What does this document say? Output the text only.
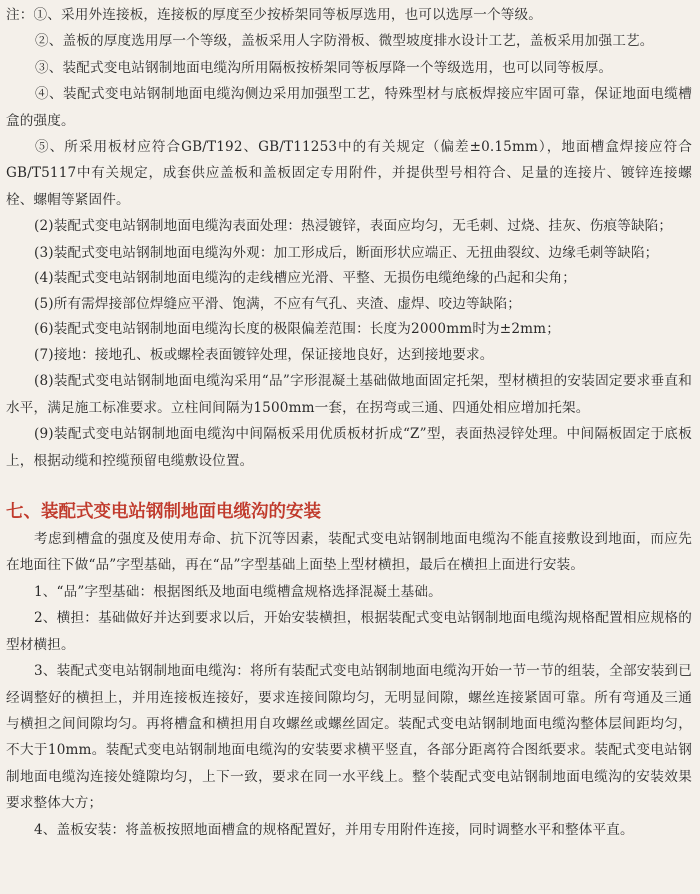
注：①、采用外连接板，连接板的厚度至少按桥架同等板厚选用，也可以选厚一个等级。

②、盖板的厚度选用厚一个等级，盖板采用人字防滑板、微型坡度排水设计工艺，盖板采用加强工艺。

③、装配式变电站钢制地面电缆沟所用隔板按桥架同等板厚降一个等级选用，也可以同等板厚。

④、装配式变电站钢制地面电缆沟侧边采用加强型工艺，特殊型材与底板焊接应牢固可靠，保证地面电缆槽盒的强度。

⑤、所采用板材应符合GB/T192、GB/T11253中的有关规定（偏差±0.15mm），地面槽盒焊接应符合GB/T5117中有关规定，成套供应盖板和盖板固定专用附件，并提供型号相符合、足量的连接片、镀锌连接螺栓、螺帽等紧固件。

(2)装配式变电站钢制地面电缆沟表面处理：热浸镀锌，表面应均匀，无毛刺、过烧、挂灰、伤痕等缺陷；

(3)装配式变电站钢制地面电缆沟外观：加工形成后，断面形状应端正、无扭曲裂纹、边缘毛刺等缺陷；

(4)装配式变电站钢制地面电缆沟的走线槽应光滑、平整、无损伤电缆绝缘的凸起和尖角；

(5)所有需焊接部位焊缝应平滑、饱满，不应有气孔、夹渣、虚焊、咬边等缺陷；

(6)装配式变电站钢制地面电缆沟长度的极限偏差范围：长度为2000mm时为±2mm；

(7)接地：接地孔、板或螺栓表面镀锌处理，保证接地良好，达到接地要求。

(8)装配式变电站钢制地面电缆沟采用“品”字形混凝土基础做地面固定托架，型材横担的安装固定要求垂直和水平，满足施工标准要求。立柱间间隔为1500mm一套，在拐弯或三通、四通处相应增加托架。

(9)装配式变电站钢制地面电缆沟中间隔板采用优质板材折成“Z”型，表面热浸锌处理。中间隔板固定于底板上，根据动缆和控缆预留电缆敷设位置。

七、装配式变电站钢制地面电缆沟的安装

考虑到槽盒的强度及使用寿命、抗下沉等因素，装配式变电站钢制地面电缆沟不能直接敷设到地面，而应先在地面往下做“品”字型基础，再在“品”字型基础上面垫上型材横担，最后在横担上面进行安装。

1、“品”字型基础：根据图纸及地面电缆槽盒规格选择混凝土基础。

2、横担：基础做好并达到要求以后，开始安装横担，根据装配式变电站钢制地面电缆沟规格配置相应规格的型材横担。

3、装配式变电站钢制地面电缆沟：将所有装配式变电站钢制地面电缆沟开始一节一节的组装，全部安装到已经调整好的横担上，并用连接板连接好，要求连接间隙均匀，无明显间隙，螺丝连接紧固可靠。所有弯通及三通与横担之间间隙均匀。再将槽盒和横担用自攻螺丝或螺丝固定。装配式变电站钢制地面电缆沟整体层间距均匀，不大于10mm。装配式变电站钢制地面电缆沟的安装要求横平竖直，各部分距离符合图纸要求。装配式变电站钢制地面电缆沟连接处缝隙均匀，上下一致，要求在同一水平线上。整个装配式变电站钢制地面电缆沟的安装效果要求整体大方；

4、盖板安装：将盖板按照地面槽盒的规格配置好，并用专用附件连接，同时调整水平和整体平直。
